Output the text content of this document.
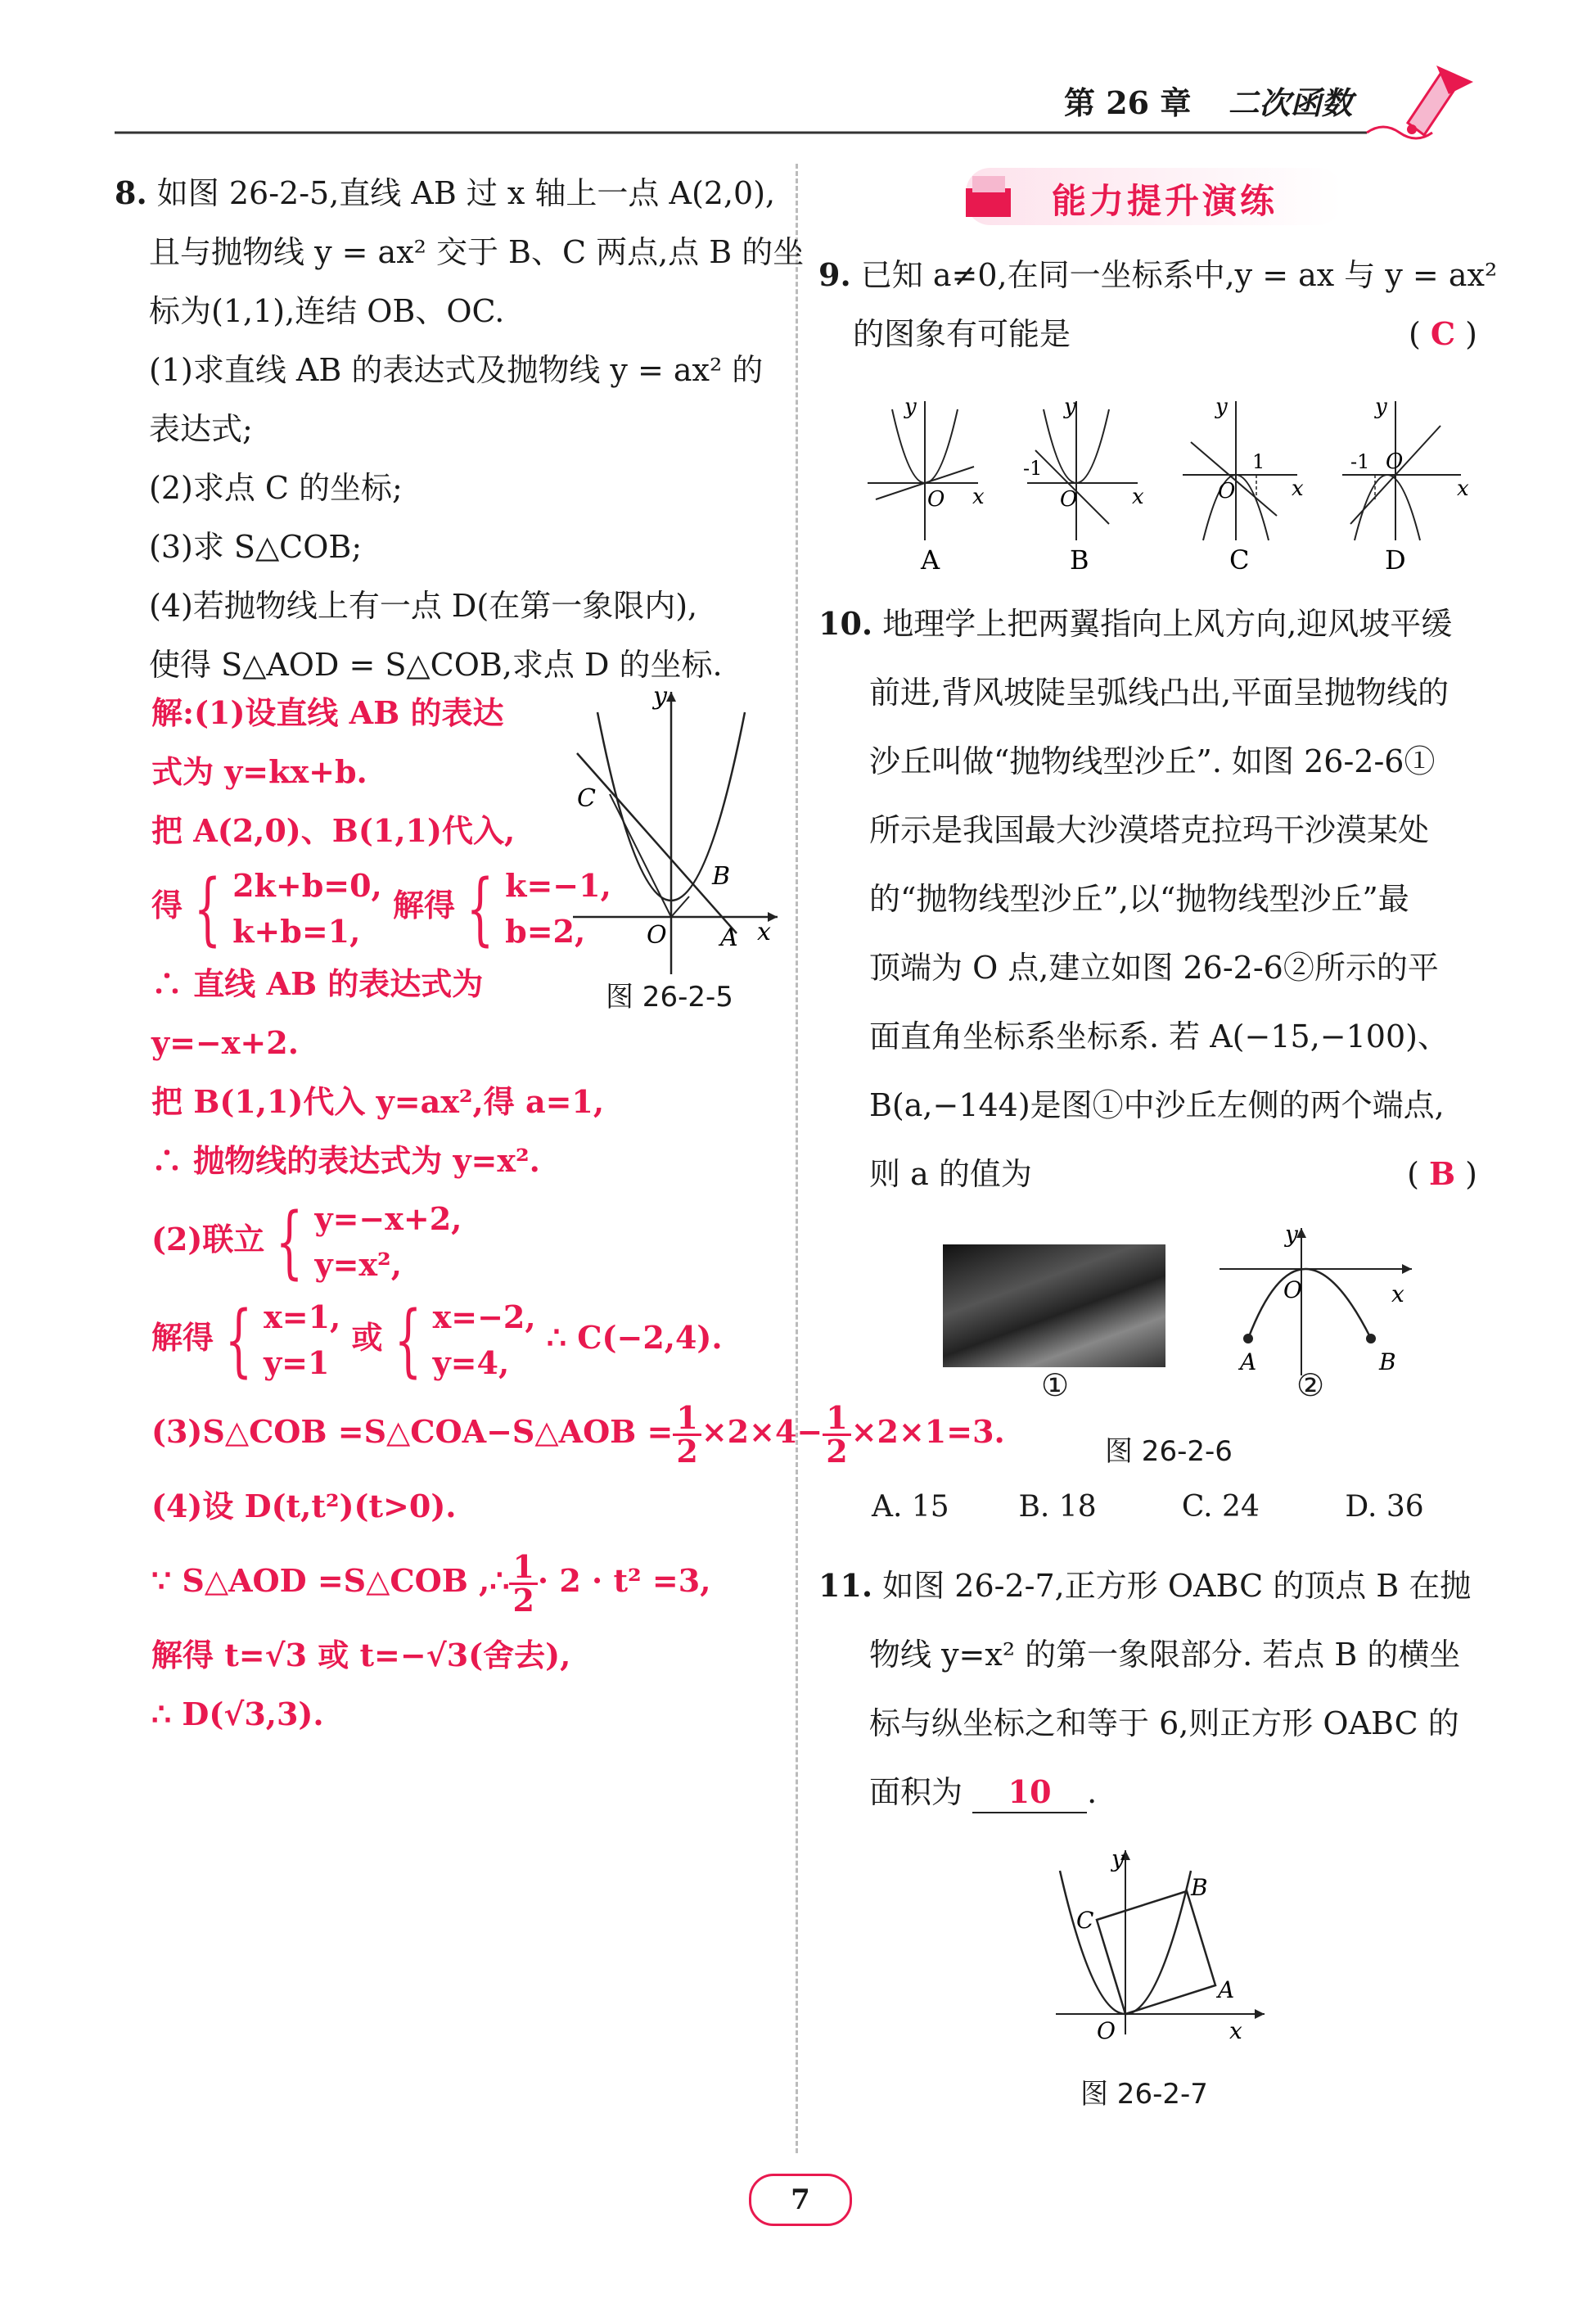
第 26 章 二次函数
8. 如图 26-2-5,直线 AB 过 x 轴上一点 A(2,0),
且与抛物线 y = ax² 交于 B、C 两点,点 B 的坐
标为(1,1),连结 OB、OC.
(1)求直线 AB 的表达式及抛物线 y = ax² 的
表达式;
(2)求点 C 的坐标;
(3)求 S△COB;
(4)若抛物线上有一点 D(在第一象限内),
使得 S△AOD = S△COB,求点 D 的坐标.
解:(1)设直线 AB 的表达
式为 y=kx+b.
把 A(2,0)、B(1,1)代入,
得 { 2k+b=0,
k+b=1,
解得 { k=−1,
b=2,
∴ 直线 AB 的表达式为
y=−x+2.
把 B(1,1)代入 y=ax²,得 a=1,
∴ 抛物线的表达式为 y=x².
(2)联立 { y=−x+2,
y=x²,
解得 { x=1,
y=1
或 { x=−2,
y=4,
∴ C(−2,4).
(3)S△COB =S△COA−S△AOB = $\frac{1}{2} \times 2\times 4- \frac{1}{2} \times 2\times 1=3$.
(4)设 D(t,t²)(t>0).
∵ S△AOD =S△COB ,∴ $\frac{1}{2} \cdot 2 \cdot t^2 =3$,
解得 t=√3 或 t=−√3(舍去),
∴ D(√3,3).
y
x
O
C
B
A
图 26-2-5
能力提升演练
9. 已知 a≠0,在同一坐标系中,y = ax 与 y = ax²
的图象有可能是	( C )
y
x
O
A
y
x
O
-1
B
y
x
O
1
C
y
x
O
-1
D
10. 地理学上把两翼指向上风方向,迎风坡平缓
前进,背风坡陡呈弧线凸出,平面呈抛物线的
沙丘叫做“抛物线型沙丘”. 如图 26-2-6①
所示是我国最大沙漠塔克拉玛干沙漠某处
的“抛物线型沙丘”,以“抛物线型沙丘”最
顶端为 O 点,建立如图 26-2-6②所示的平
面直角坐标系坐标系. 若 A(−15,−100)、
B(a,−144)是图①中沙丘左侧的两个端点,
则 a 的值为	( B )
y
x
O
A	B
①	②
图 26-2-6
A. 15 B. 18	C. 24	D. 36
11. 如图 26-2-7,正方形 OABC 的顶点 B 在抛
物线 y=x² 的第一象限部分. 若点 B 的横坐
标与纵坐标之和等于 6,则正方形 OABC 的
面积为 10 .
y
x
O
B
C
A
图 26-2-7
7
